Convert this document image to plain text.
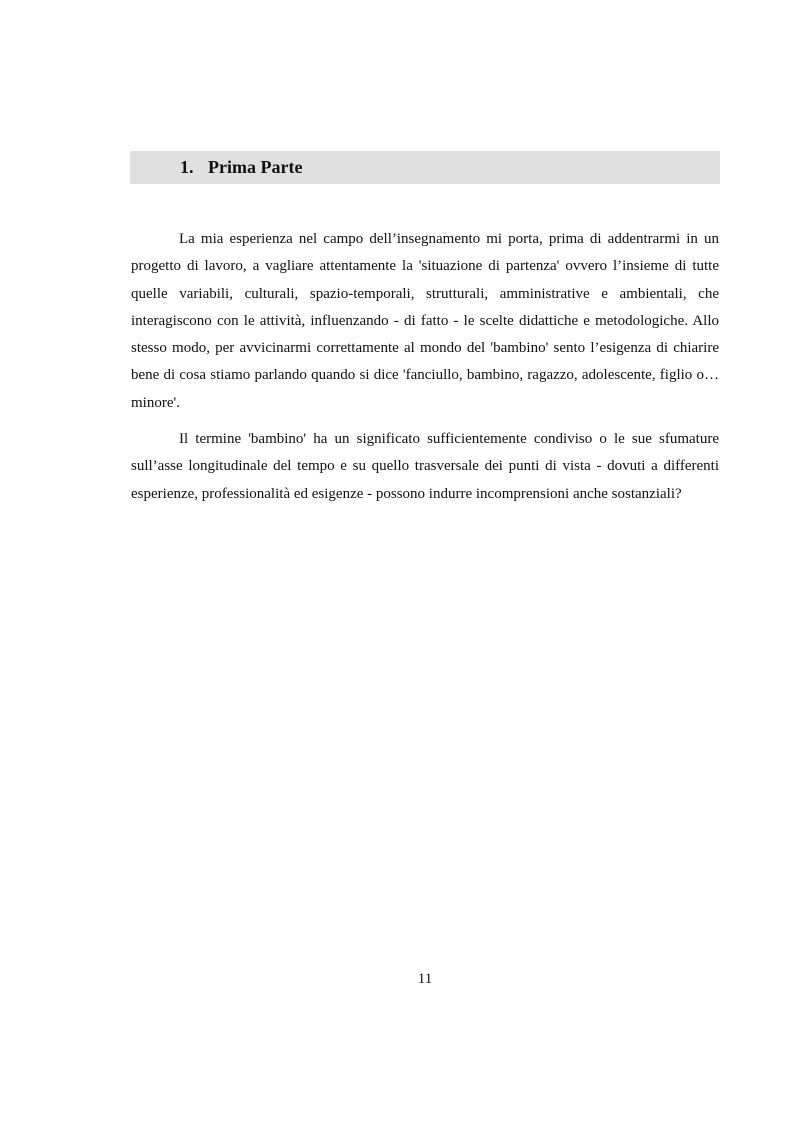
1. Prima Parte

La mia esperienza nel campo dell’insegnamento mi porta, prima di addentrarmi in un progetto di lavoro, a vagliare attentamente la 'situazione di partenza' ovvero l’insieme di tutte quelle variabili, culturali, spazio-temporali, strutturali, amministrative e ambientali, che interagiscono con le attività, influenzando - di fatto - le scelte didattiche e metodologiche. Allo stesso modo, per avvicinarmi correttamente al mondo del 'bambino' sento l’esigenza di chiarire bene di cosa stiamo parlando quando si dice 'fanciullo, bambino, ragazzo, adolescente, figlio o… minore'.

Il termine 'bambino' ha un significato sufficientemente condiviso o le sue sfumature sull’asse longitudinale del tempo e su quello trasversale dei punti di vista - dovuti a differenti esperienze, professionalità ed esigenze - possono indurre incomprensioni anche sostanziali?

11
